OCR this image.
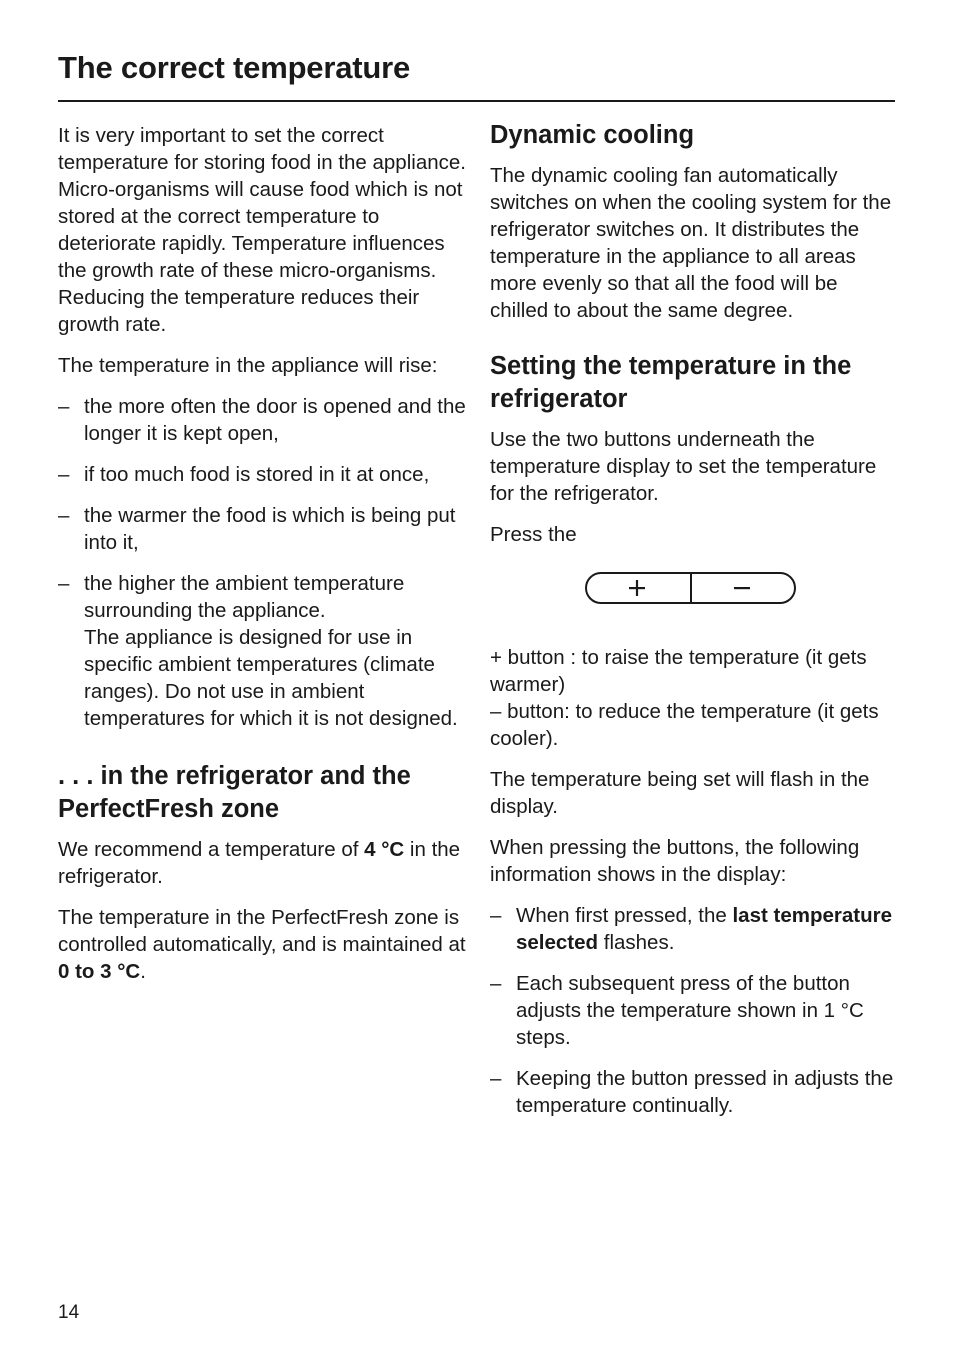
The correct temperature

It is very important to set the correct temperature for storing food in the appliance. Micro-organisms will cause food which is not stored at the correct temperature to deteriorate rapidly. Temperature influences the growth rate of these micro-organisms. Reducing the temperature reduces their growth rate.

The temperature in the appliance will rise:

– the more often the door is opened and the longer it is kept open,
– if too much food is stored in it at once,
– the warmer the food is which is being put into it,
– the higher the ambient temperature surrounding the appliance.
The appliance is designed for use in specific ambient temperatures (climate ranges). Do not use in ambient temperatures for which it is not designed.
. . . in the refrigerator and the PerfectFresh zone

We recommend a temperature of 4 °C in the refrigerator.

The temperature in the PerfectFresh zone is controlled automatically, and is maintained at 0 to 3 °C.

Dynamic cooling

The dynamic cooling fan automatically switches on when the cooling system for the refrigerator switches on. It distributes the temperature in the appliance to all areas more evenly so that all the food will be chilled to about the same degree.

Setting the temperature in the refrigerator

Use the two buttons underneath the temperature display to set the temperature for the refrigerator.

Press the

+ button : to raise the temperature (it gets warmer)
– button: to reduce the temperature (it gets cooler).

The temperature being set will flash in the display.

When pressing the buttons, the following information shows in the display:

– When first pressed, the last temperature selected flashes.
– Each subsequent press of the button adjusts the temperature shown in 1 °C steps.
– Keeping the button pressed in adjusts the temperature continually.
14
